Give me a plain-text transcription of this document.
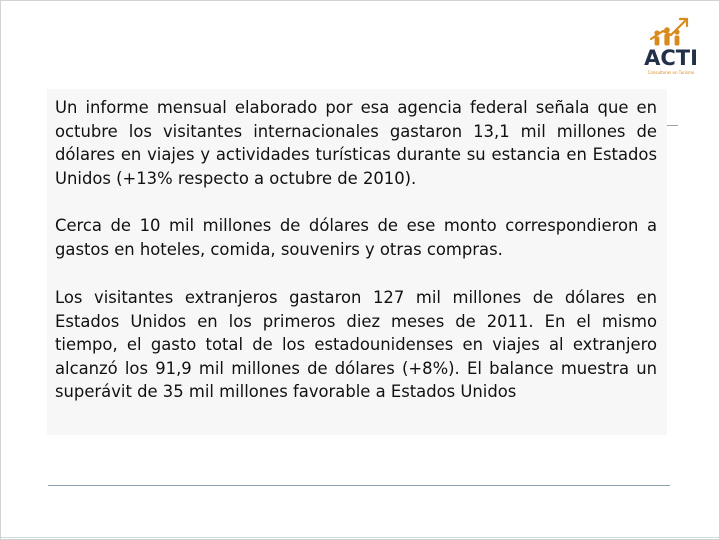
ACTI
Consultores en Turismo

Un informe mensual elaborado por esa agencia federal señala que en octubre los visitantes internacionales gastaron 13,1 mil millones de dólares en viajes y actividades turísticas durante su estancia en Estados Unidos (+13% respecto a octubre de 2010).

Cerca de 10 mil millones de dólares de ese monto correspondieron a gastos en hoteles, comida, souvenirs y otras compras.

Los visitantes extranjeros gastaron 127 mil millones de dólares en Estados Unidos en los primeros diez meses de 2011. En el mismo tiempo, el gasto total de los estadounidenses en viajes al extranjero alcanzó los 91,9 mil millones de dólares (+8%). El balance muestra un superávit de 35 mil millones favorable a Estados Unidos
